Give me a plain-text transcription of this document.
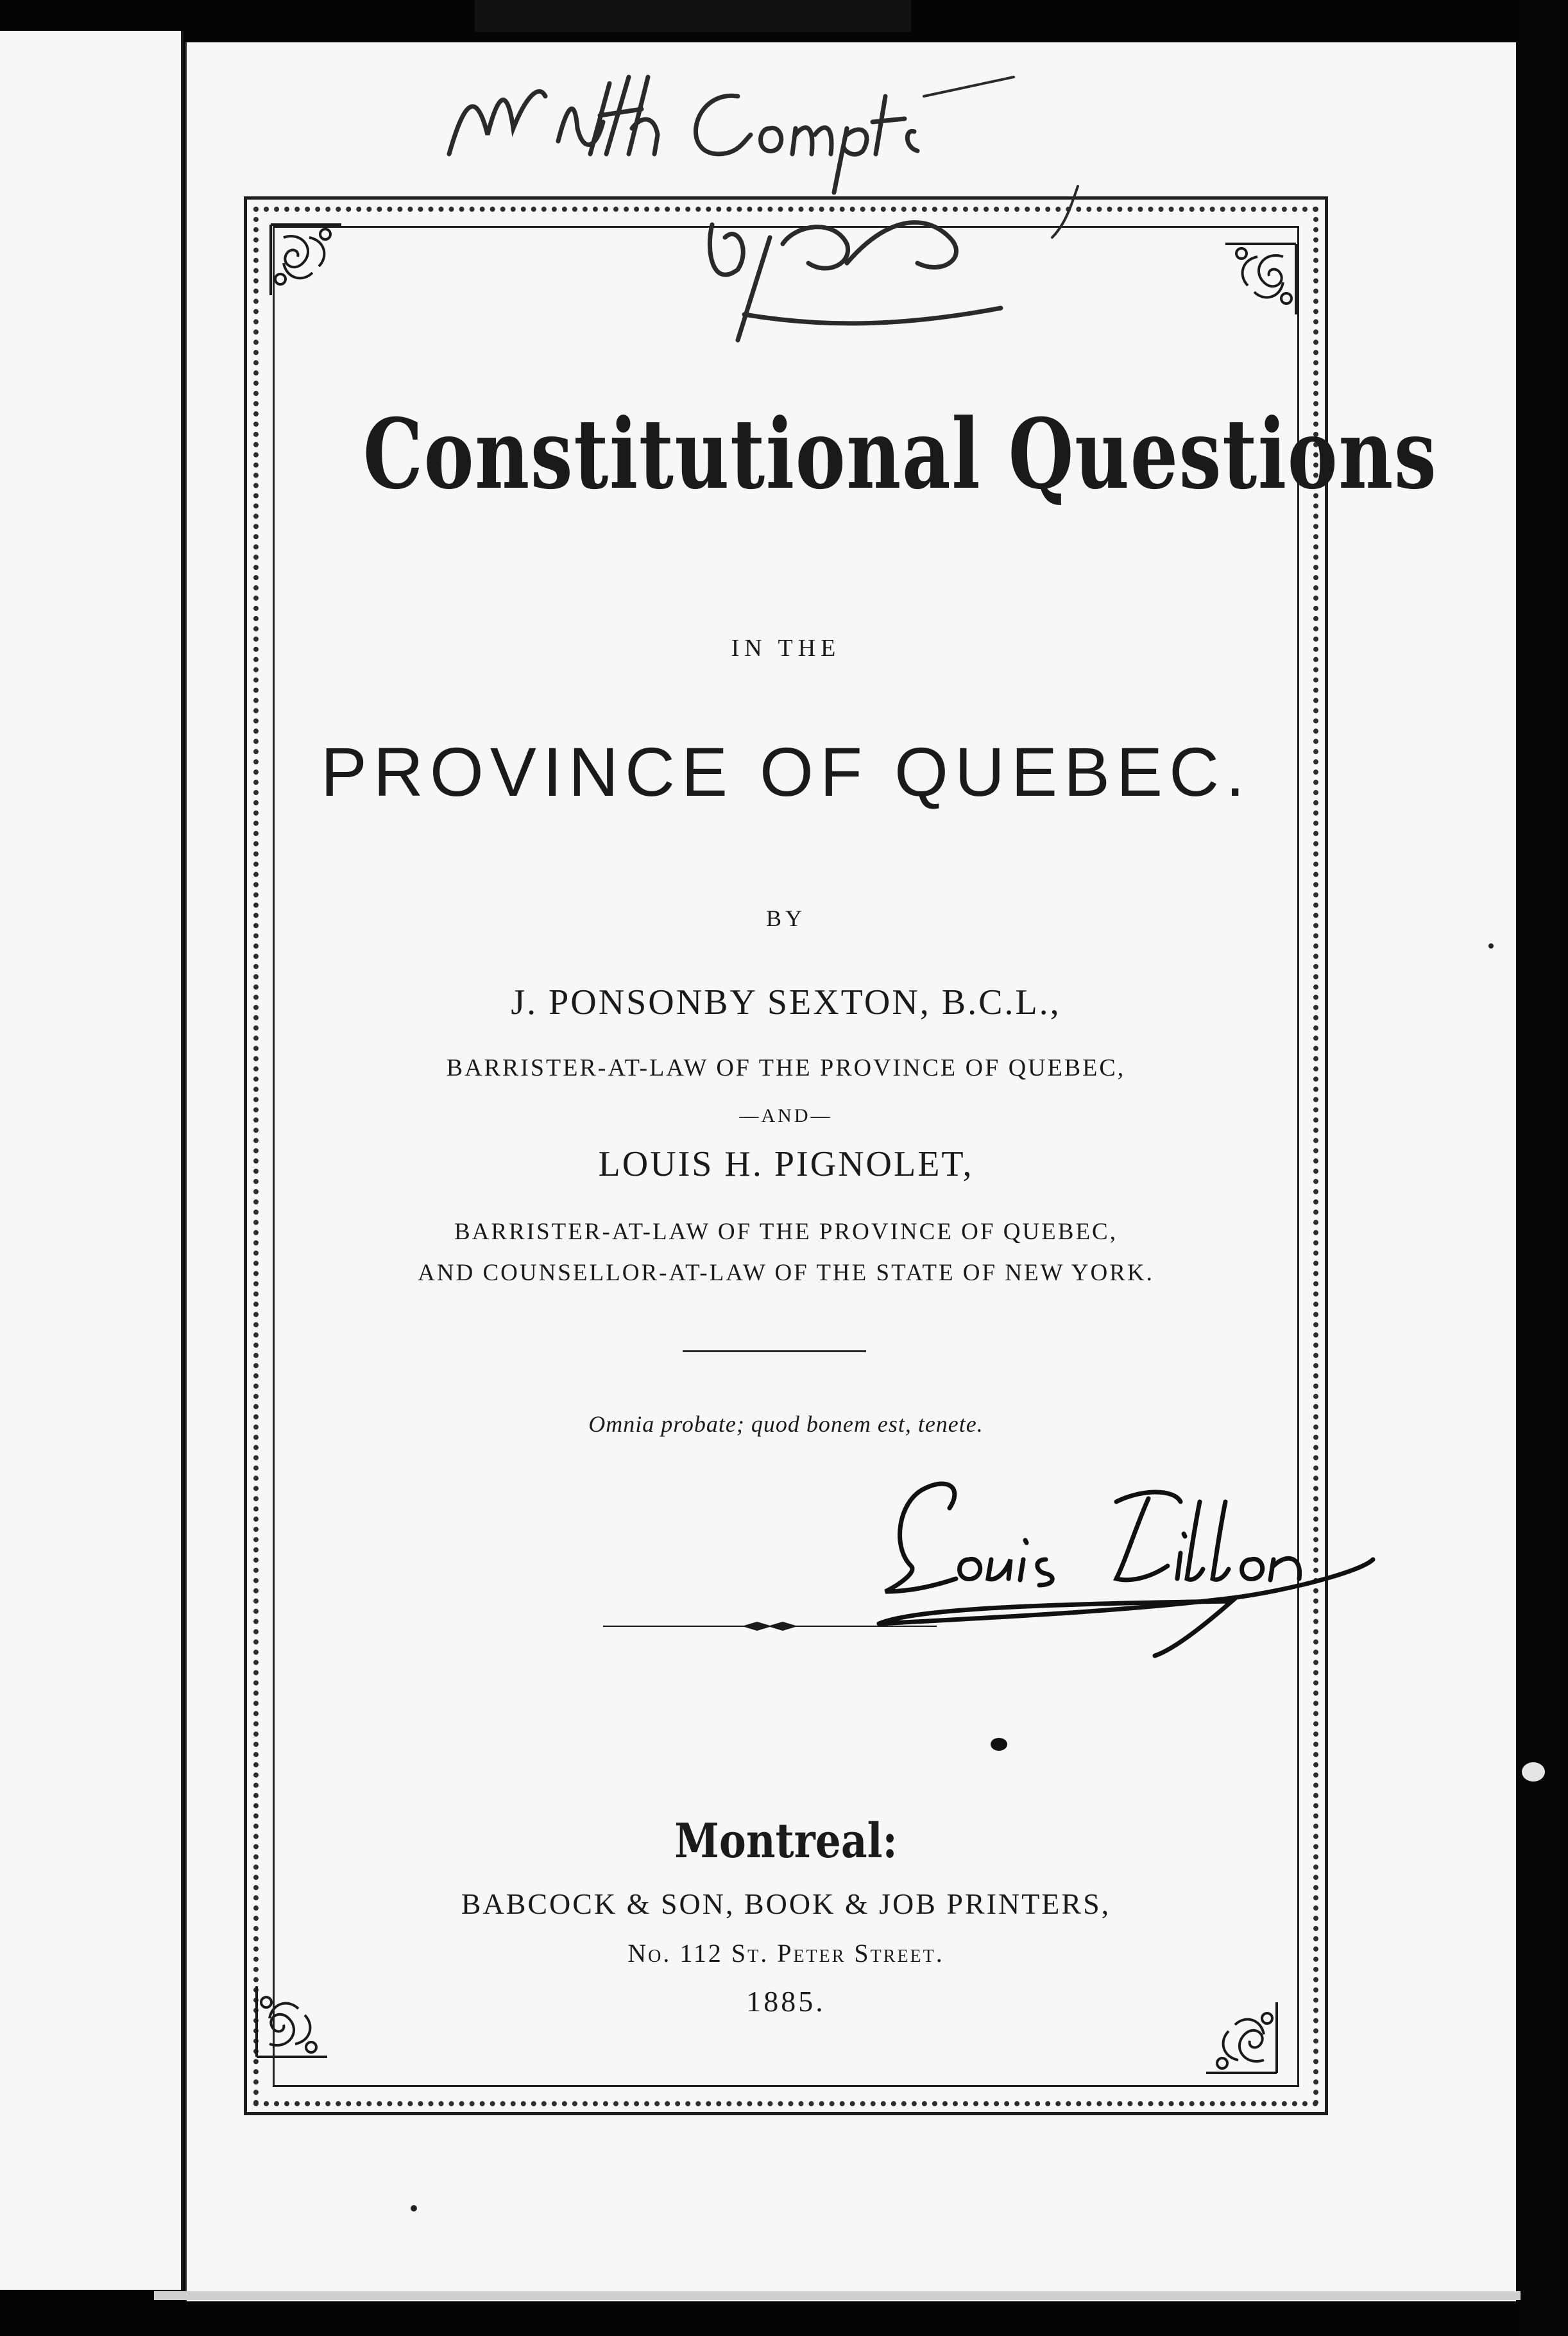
Constitutional Questions
IN THE
PROVINCE OF QUEBEC.
BY
J. PONSONBY SEXTON, B.C.L.,
BARRISTER-AT-LAW OF THE PROVINCE OF QUEBEC,
—AND—
LOUIS H. PIGNOLET,
BARRISTER-AT-LAW OF THE PROVINCE OF QUEBEC,
AND COUNSELLOR-AT-LAW OF THE STATE OF NEW YORK.
Omnia probate; quod bonem est, tenete.
Montreal:
BABCOCK & SON, BOOK & JOB PRINTERS,
No. 112 St. Peter Street.
1885.
